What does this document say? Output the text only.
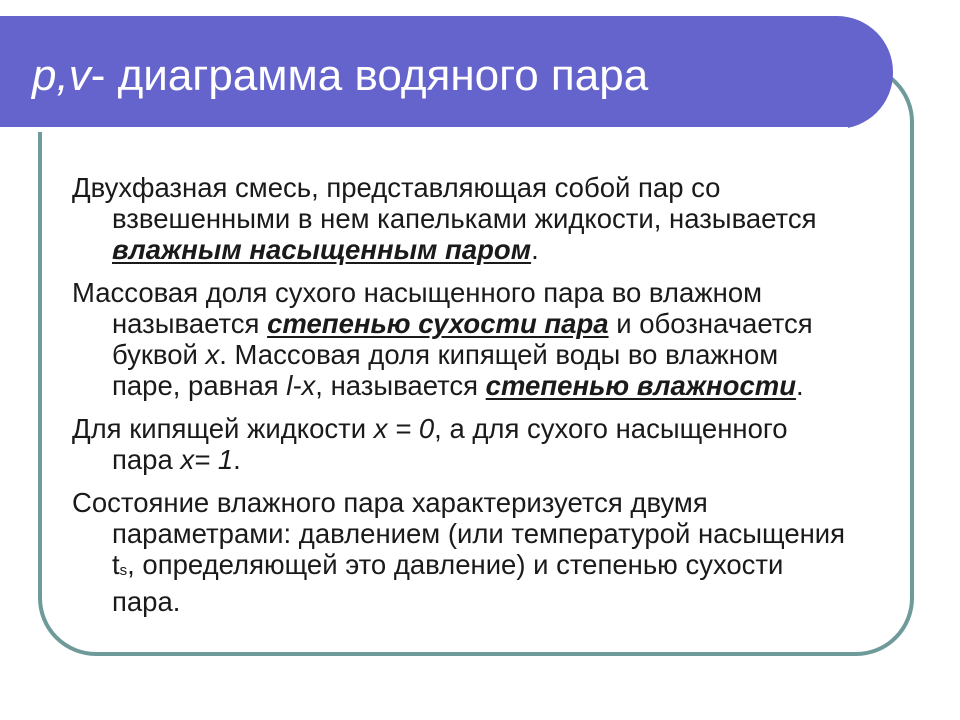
p,v- диаграмма водяного пара

Двухфазная смесь, представляющая собой пар со взвешенными в нем капельками жидкости, называется влажным насыщенным паром.

Массовая доля сухого насыщенного пара во влажном называется степенью сухости пара и обозначается буквой x. Массовая доля кипящей воды во влажном паре, равная l-x, называется степенью влажности.

Для кипящей жидкости x = 0, а для сухого насыщенного пара x= 1.

Состояние влажного пара характеризуется двумя параметрами: давлением (или температурой насыщения ts, определяющей это давление) и степенью сухости пара.
